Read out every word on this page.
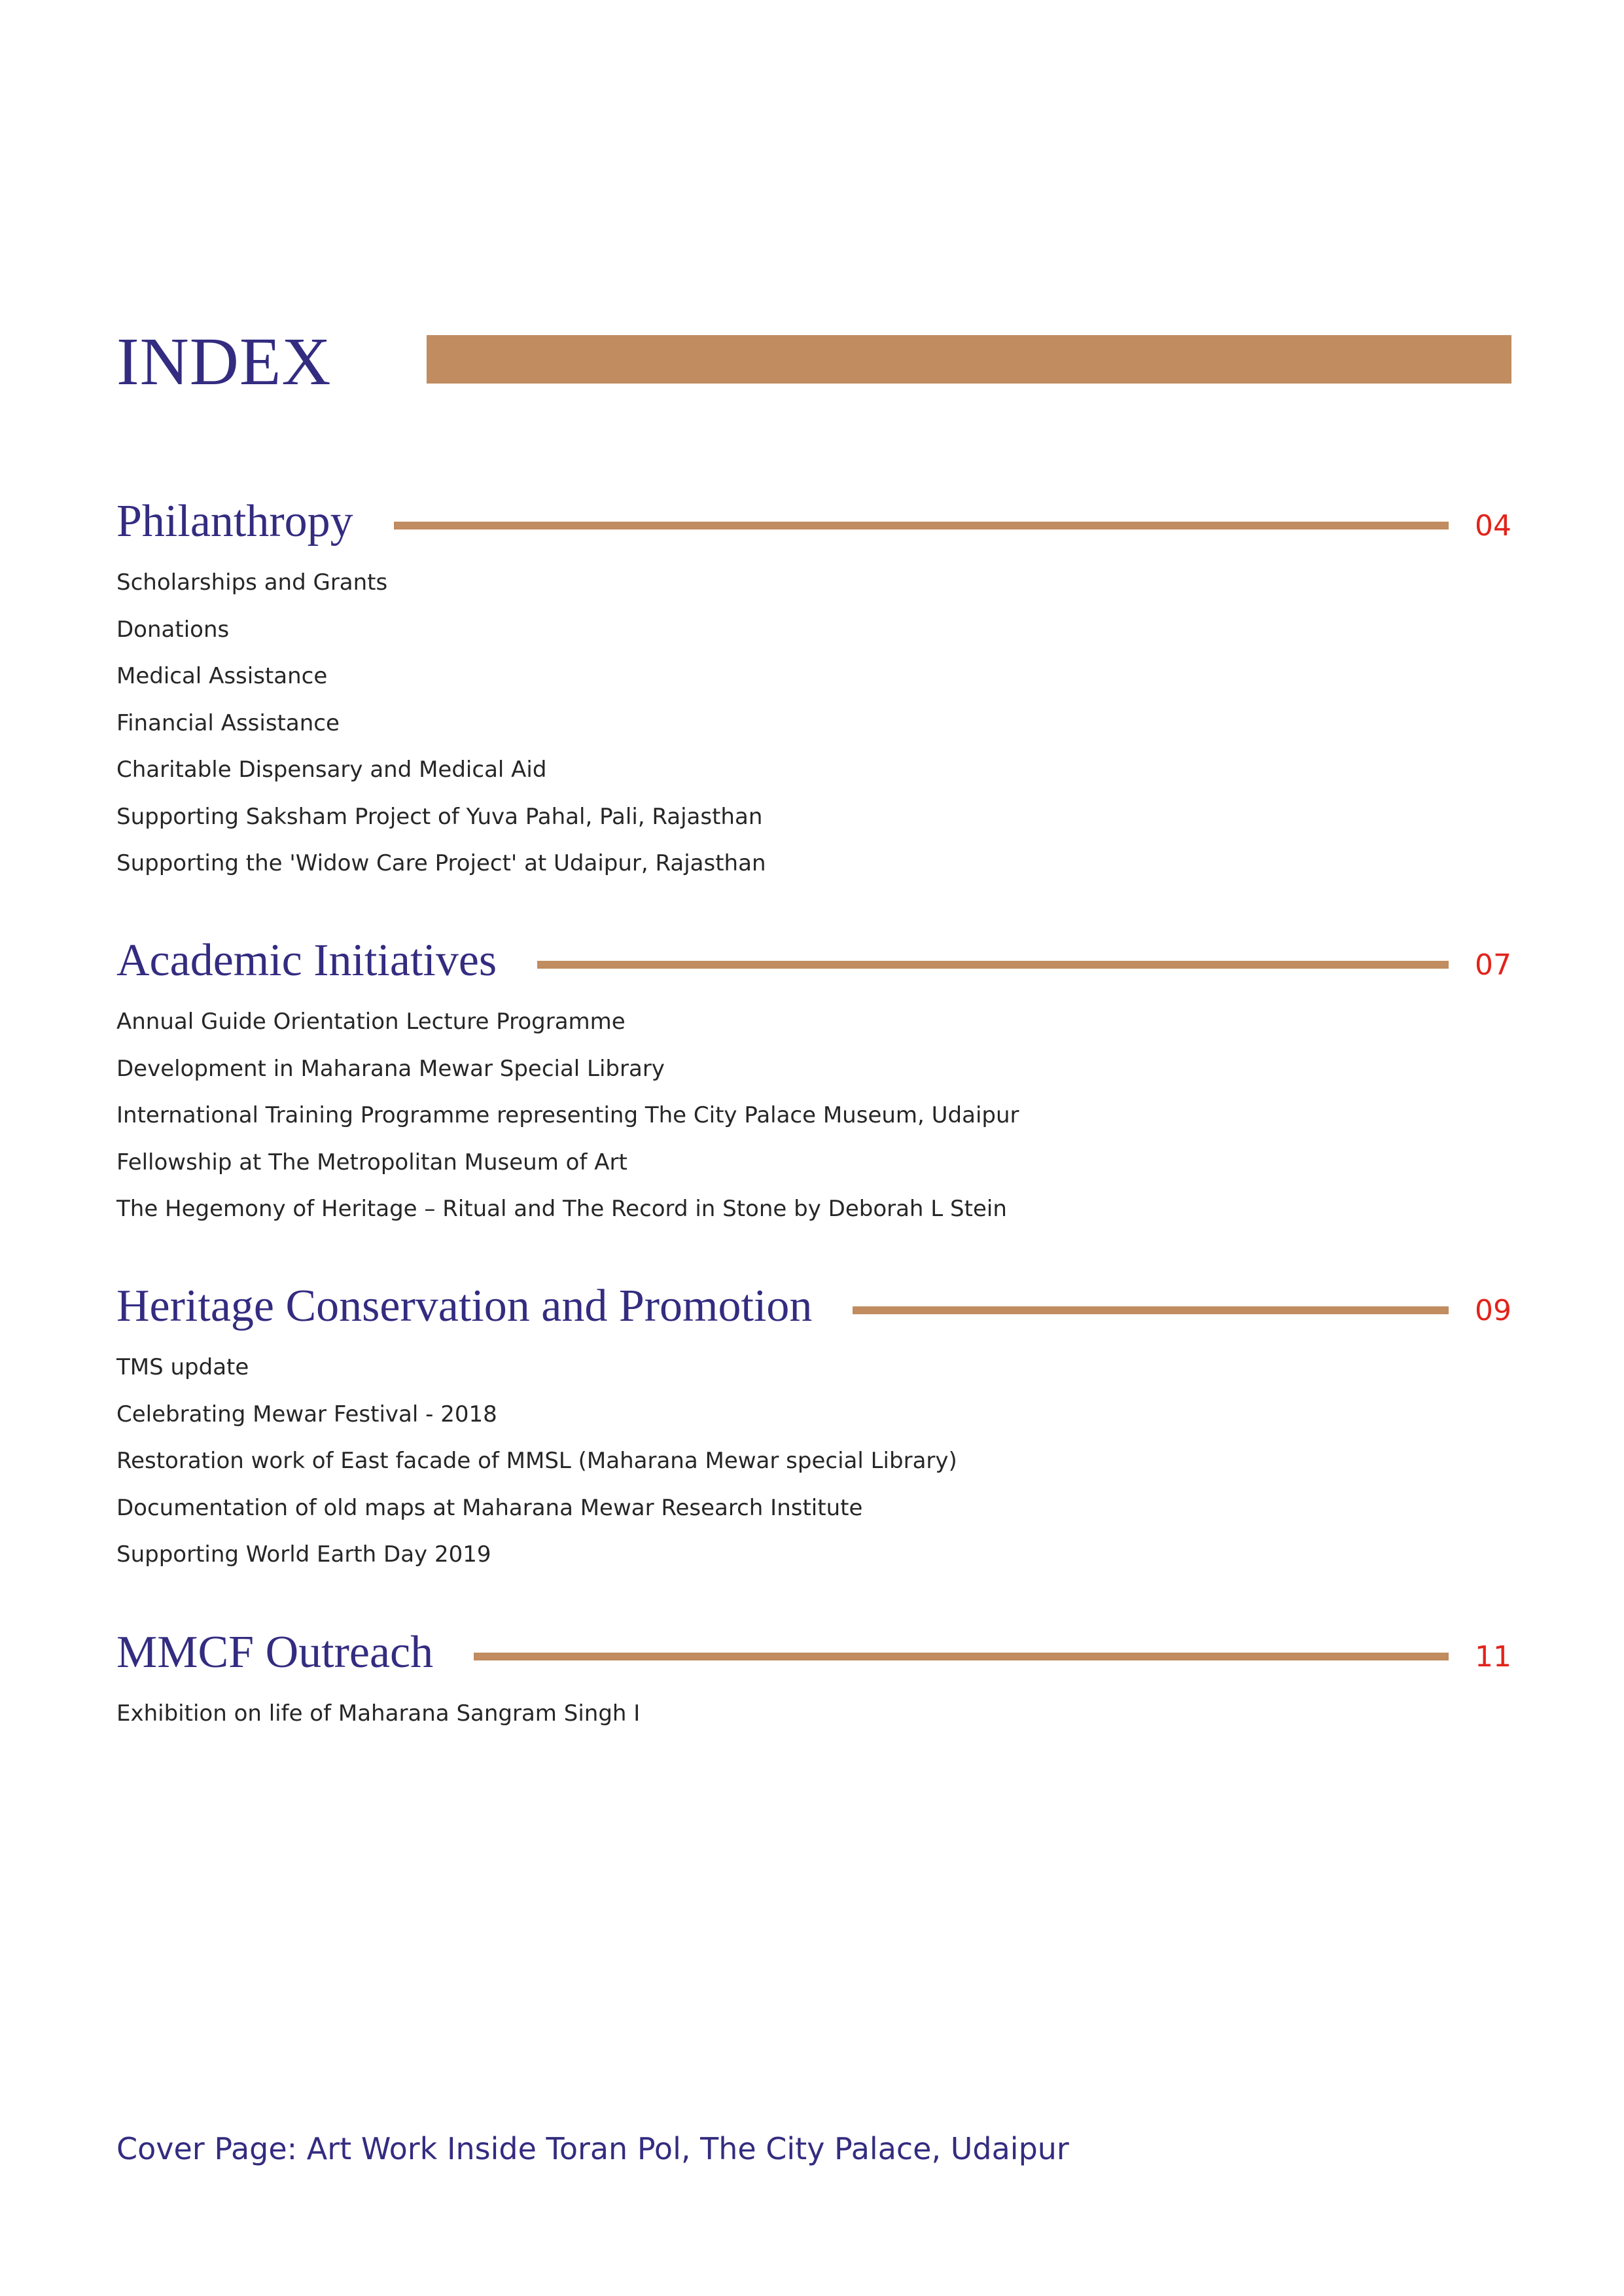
INDEX
Philanthropy	04
Scholarships and Grants
Donations
Medical Assistance
Financial Assistance
Charitable Dispensary and Medical Aid
Supporting Saksham Project of Yuva Pahal, Pali, Rajasthan
Supporting the 'Widow Care Project' at Udaipur, Rajasthan
Academic Initiatives	07
Annual Guide Orientation Lecture Programme
Development in Maharana Mewar Special Library
International Training Programme representing The City Palace Museum, Udaipur
Fellowship at The Metropolitan Museum of Art
The Hegemony of Heritage – Ritual and The Record in Stone by Deborah L Stein
Heritage Conservation and Promotion	09
TMS update
Celebrating Mewar Festival - 2018
Restoration work of East facade of MMSL (Maharana Mewar special Library)
Documentation of old maps at Maharana Mewar Research Institute
Supporting World Earth Day 2019
MMCF Outreach	11
Exhibition on life of Maharana Sangram Singh I
Cover Page: Art Work Inside Toran Pol, The City Palace, Udaipur
